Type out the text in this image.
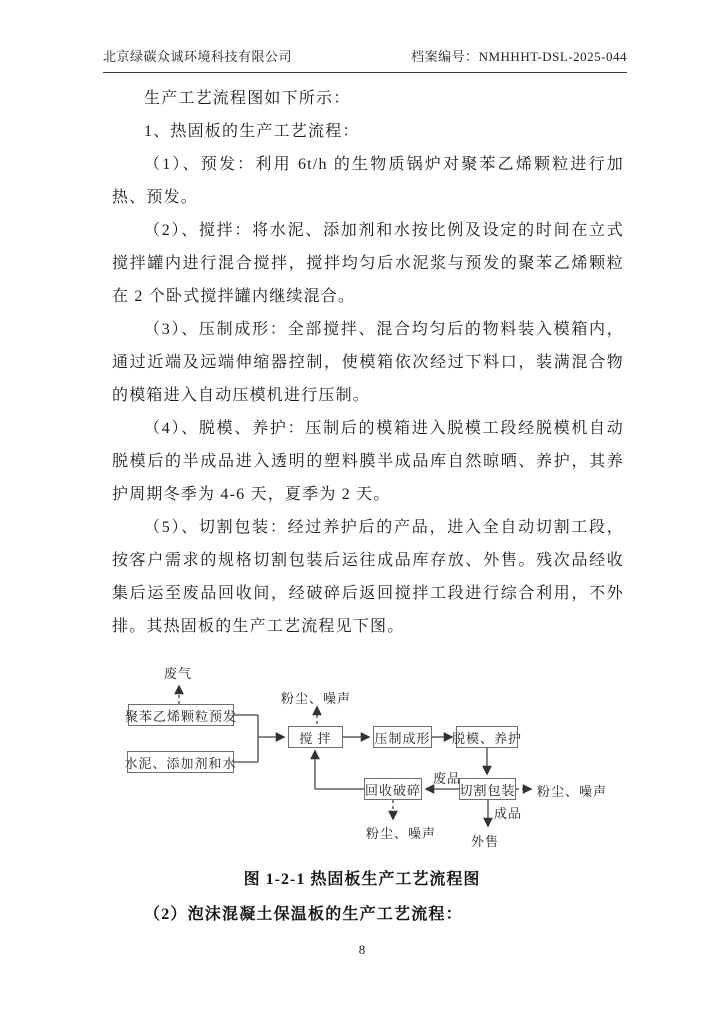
北京绿碳众诚环境科技有限公司	档案编号：NMHHHT-DSL-2025-044

生产工艺流程图如下所示：

1、热固板的生产工艺流程：

（1）、预发：利用 6t/h 的生物质锅炉对聚苯乙烯颗粒进行加热、预发。

（2）、搅拌：将水泥、添加剂和水按比例及设定的时间在立式搅拌罐内进行混合搅拌，搅拌均匀后水泥浆与预发的聚苯乙烯颗粒在 2 个卧式搅拌罐内继续混合。

（3）、压制成形：全部搅拌、混合均匀后的物料装入模箱内，通过近端及远端伸缩器控制，使模箱依次经过下料口，装满混合物的模箱进入自动压模机进行压制。

（4）、脱模、养护：压制后的模箱进入脱模工段经脱模机自动脱模后的半成品进入透明的塑料膜半成品库自然晾晒、养护，其养护周期冬季为 4-6 天，夏季为 2 天。

（5）、切割包装：经过养护后的产品，进入全自动切割工段，按客户需求的规格切割包装后运往成品库存放、外售。残次品经收集后运至废品回收间，经破碎后返回搅拌工段进行综合利用，不外排。其热固板的生产工艺流程见下图。

聚苯乙烯颗粒预发
水泥、添加剂和水
搅 拌	压制成形 脱模、养护
切割包装
回收破碎
废气
粉尘、噪声
废品
粉尘、噪声
成品
粉尘、噪声
外售
图 1-2-1 热固板生产工艺流程图
（2）泡沫混凝土保温板的生产工艺流程：
8
